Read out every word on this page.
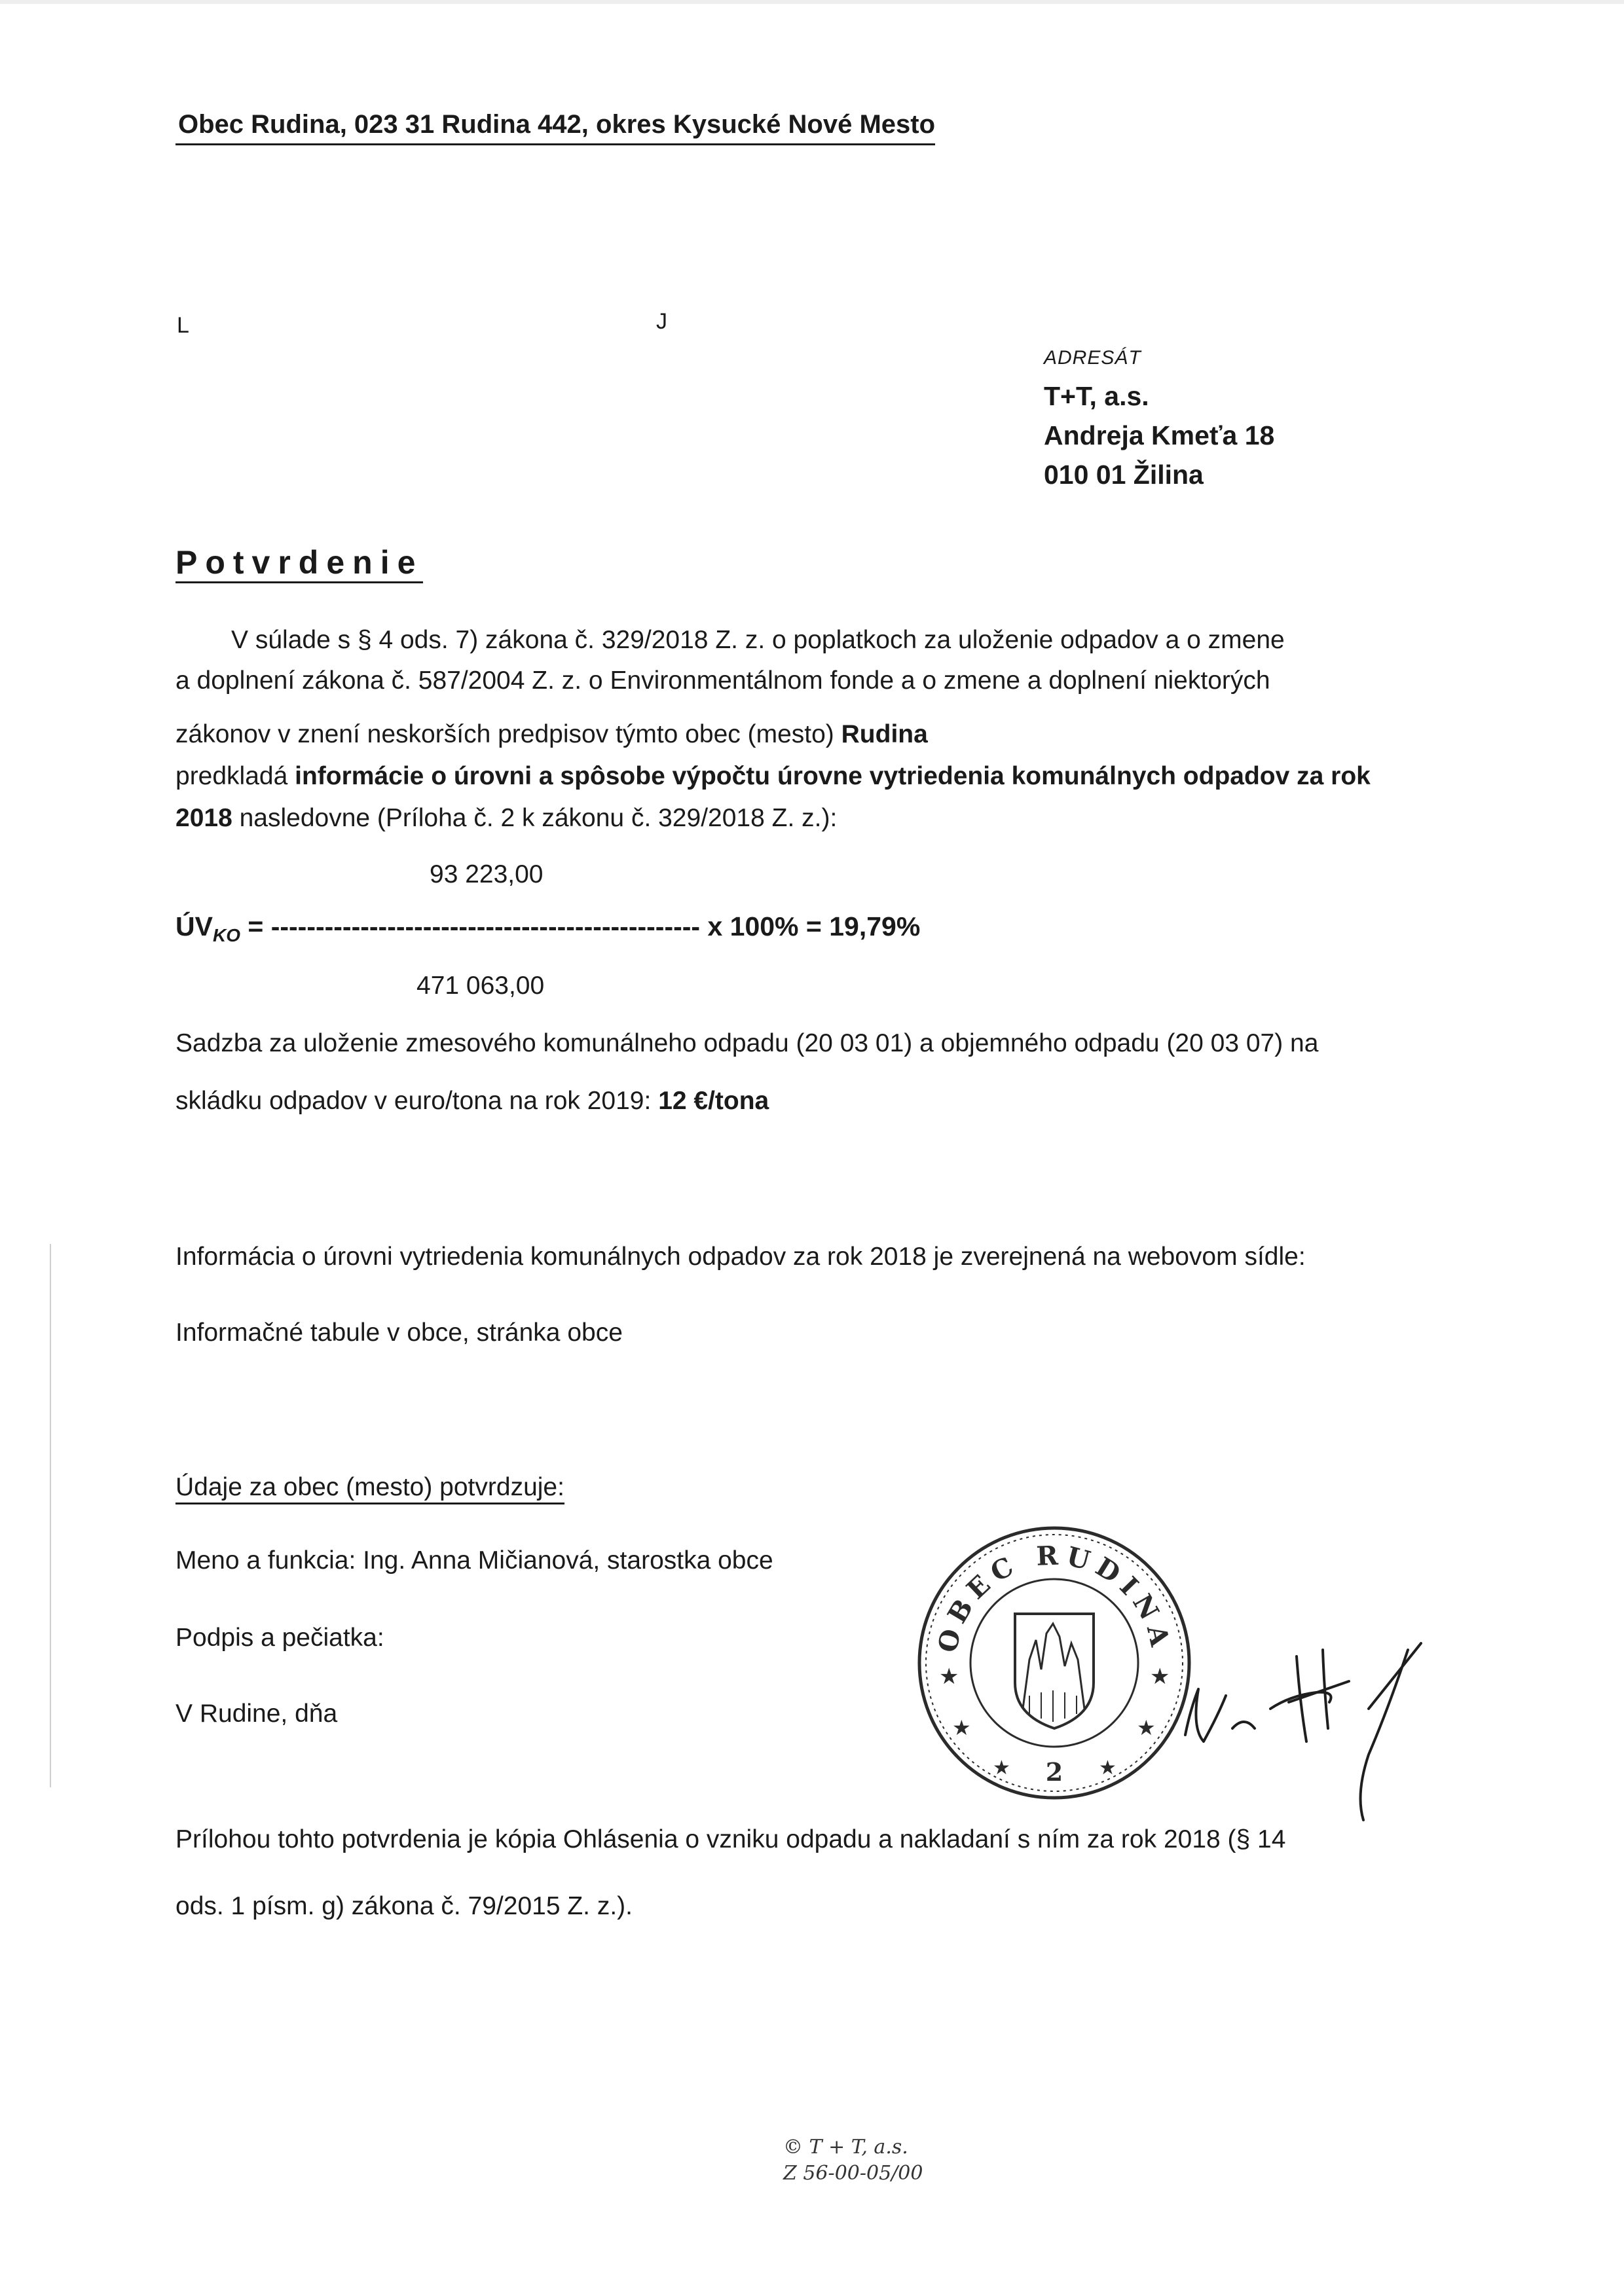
Obec Rudina, 023 31 Rudina 442, okres Kysucké Nové Mesto
L	J
ADRESÁT
T+T, a.s.
Andreja Kmeťa 18
010 01 Žilina
Potvrdenie
V súlade s § 4 ods. 7) zákona č. 329/2018 Z. z. o poplatkoch za uloženie odpadov a o zmene
a doplnení zákona č. 587/2004 Z. z. o Environmentálnom fonde a o zmene a doplnení niektorých
zákonov v znení neskorších predpisov týmto obec (mesto) Rudina
predkladá informácie o úrovni a spôsobe výpočtu úrovne vytriedenia komunálnych odpadov za rok
2018 nasledovne (Príloha č. 2 k zákonu č. 329/2018 Z. z.):
93 223,00
$ÚV_{KO}$ = ------------------------------------------------ x 100% = 19,79%
471 063,00
Sadzba za uloženie zmesového komunálneho odpadu (20 03 01) a objemného odpadu (20 03 07) na
skládku odpadov v euro/tona na rok 2019: 12 €/tona
Informácia o úrovni vytriedenia komunálnych odpadov za rok 2018 je zverejnená na webovom sídle:
Informačné tabule v obce, stránka obce
Údaje za obec (mesto) potvrdzuje:
Meno a funkcia: Ing. Anna Mičianová, starostka obce
Podpis a pečiatka:
V Rudine, dňa
OBEC RUDINA
★	★
★	★
★	★
2
Prílohou tohto potvrdenia je kópia Ohlásenia o vzniku odpadu a nakladaní s ním za rok 2018 (§ 14
ods. 1 písm. g) zákona č. 79/2015 Z. z.).
© T + T, a.s.
Z 56-00-05/00
